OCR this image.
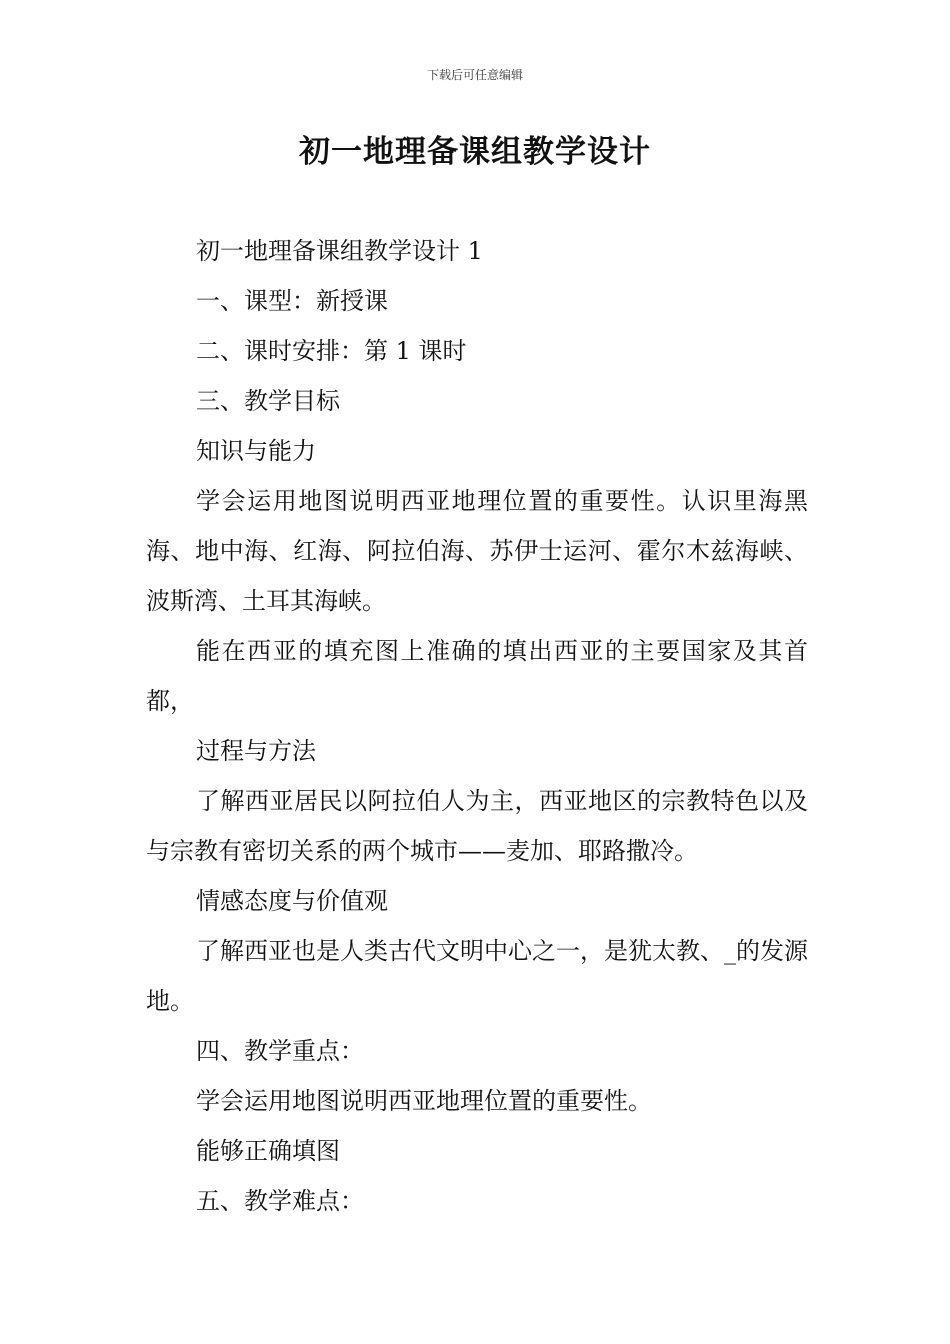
下载后可任意编辑
初一地理备课组教学设计

初一地理备课组教学设计 1

一、课型：新授课

二、课时安排：第 1 课时

三、教学目标

知识与能力

学会运用地图说明西亚地理位置的重要性。认识里海黑海、地中海、红海、阿拉伯海、苏伊士运河、霍尔木兹海峡、波斯湾、土耳其海峡。

能在西亚的填充图上准确的填出西亚的主要国家及其首都，

过程与方法

了解西亚居民以阿拉伯人为主，西亚地区的宗教特色以及与宗教有密切关系的两个城市——麦加、耶路撒冷。

情感态度与价值观

了解西亚也是人类古代文明中心之一，是犹太教、_的发源地。

四、教学重点：

学会运用地图说明西亚地理位置的重要性。

能够正确填图

五、教学难点：
